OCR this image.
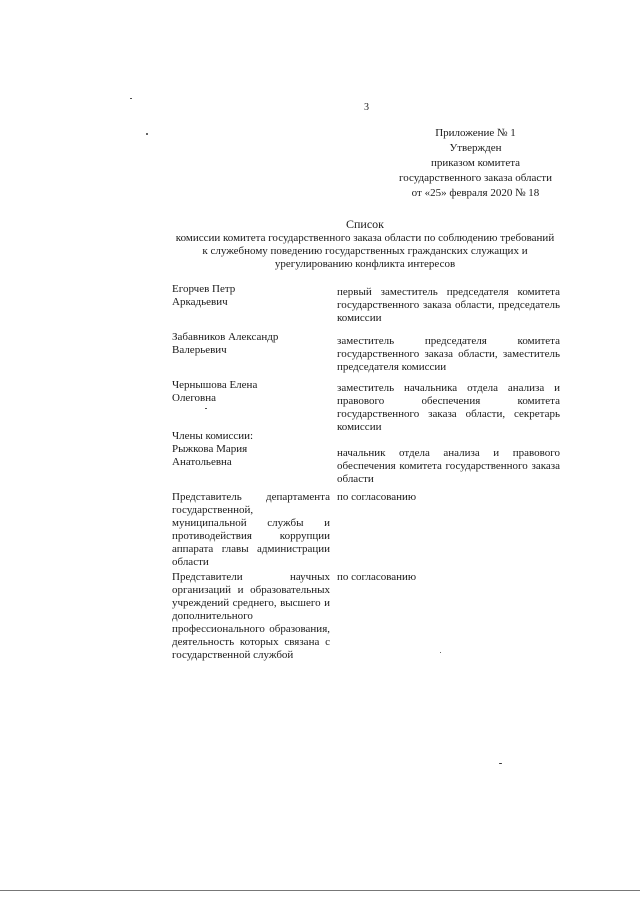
3
Приложение № 1
Утвержден
приказом комитета
государственного заказа области
от «25» февраля 2020 № 18
Список
комиссии комитета государственного заказа области по соблюдению требований
к служебному поведению государственных гражданских служащих и
урегулированию конфликта интересов
Егорчев Петр Аркадьевич
первый заместитель председателя комитета государственного заказа области, председатель комиссии
Забавников Александр Валерьевич
заместитель председателя комитета государственного заказа области, заместитель председателя комиссии
Чернышова Елена Олеговна
заместитель начальника отдела анализа и правового обеспечения комитета государственного заказа области, секретарь комиссии
Члены комиссии:
Рыжкова Мария Анатольевна
начальник отдела анализа и правового обеспечения комитета государственного заказа области
Представитель департамента государственной, муниципальной службы и противодействия коррупции аппарата главы администрации области
по согласованию
Представители научных организаций и образовательных учреждений среднего, высшего и дополнительного профессионального образования, деятельность которых связана с государственной службой
по согласованию
